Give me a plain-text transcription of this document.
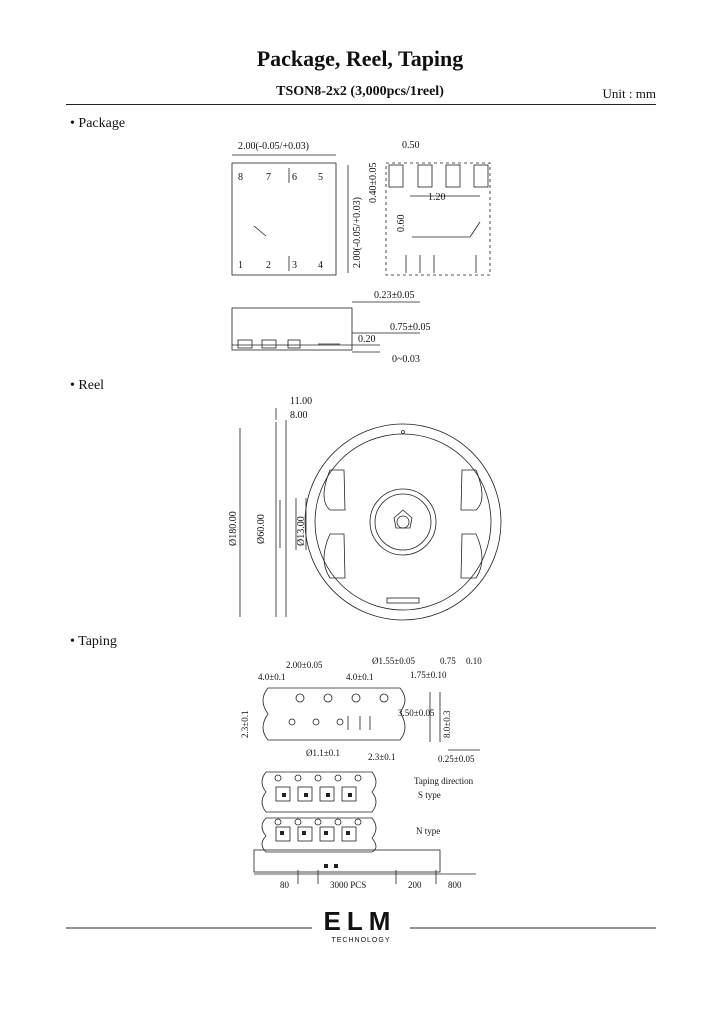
Package, Reel, Taping
TSON8-2x2 (3,000pcs/1reel)	Unit : mm
• Package
• Reel
• Taping
2.00(-0.05/+0.03)
8 7 6 5
1 2 3 4	2.00(-0.05/+0.03)
0.50
0.40±0.05	1.20
0.60
0.23±0.05
0.75±0.05
0.20
0~0.03
11.00
8.00
Ø180.00 Ø60.00	Ø13.00
2.00±0.05	Ø1.55±0.05	0.75 0.10
4.0±0.1	4.0±0.1	1.75±0.10
2.3±0.1	3.50±0.05 8.0±0.3
Ø1.1±0.1	2.3±0.1	0.25±0.05
Taping direction
S type
N type
80	3000 PCS	200	800
ELM
TECHNOLOGY
